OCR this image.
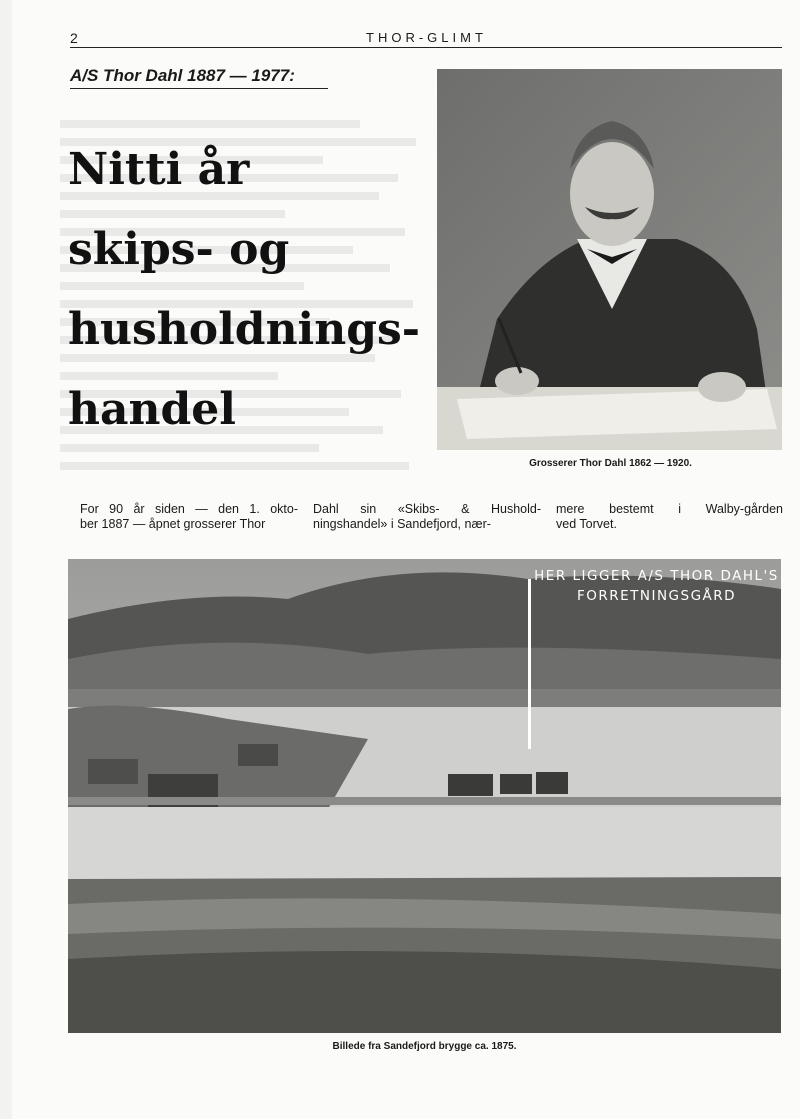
2	THOR-GLIMT
A/S Thor Dahl 1887 — 1977:
Nitti år
skips- og
husholdnings-
handel
Grosserer Thor Dahl 1862 — 1920.
For 90 år siden — den 1. okto-
ber 1887 — åpnet grosserer Thor
Dahl sin «Skibs- & Hushold-
ningshandel» i Sandefjord, nær-
mere bestemt i Walby-gården
ved Torvet.
HER LIGGER A/S THOR DAHL'S
FORRETNINGSGÅRD
Billede fra Sandefjord brygge ca. 1875.
